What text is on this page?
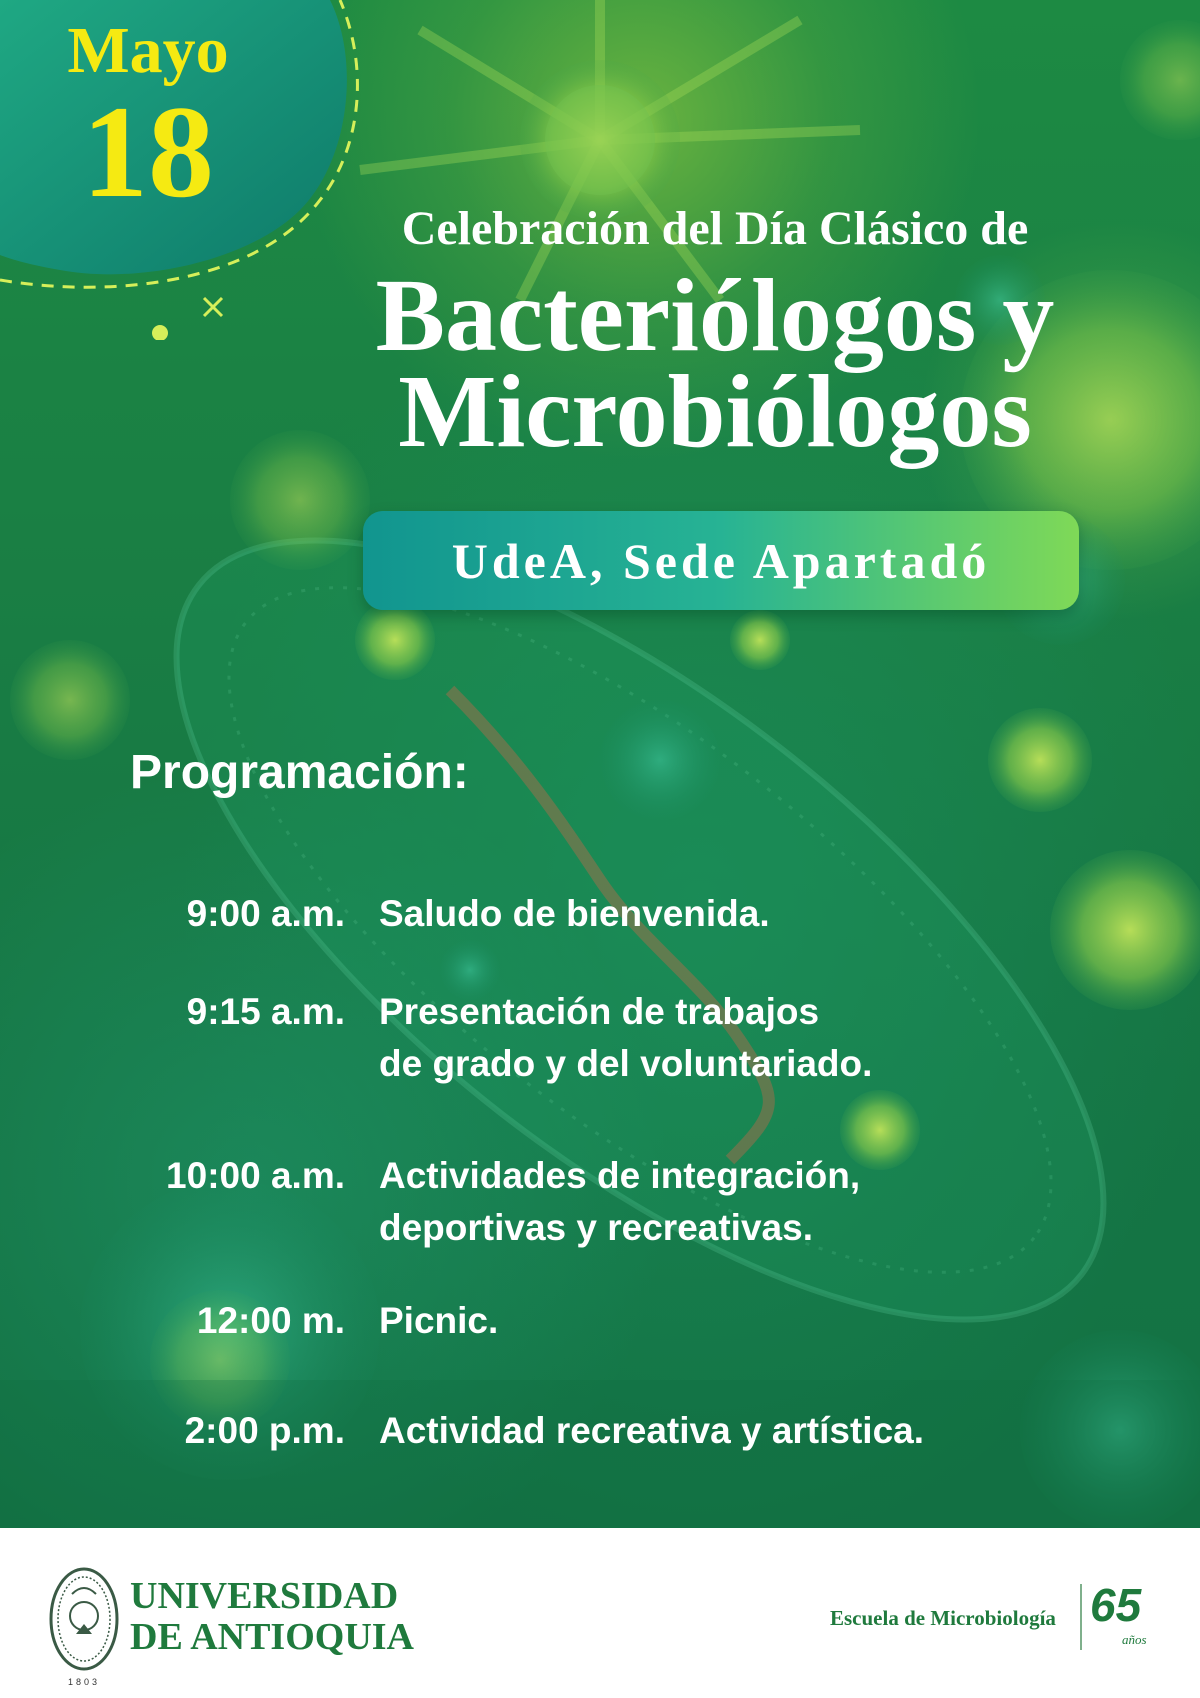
Mayo
18
Celebración del Día Clásico de
Bacteriólogos y
Microbiólogos
UdeA, Sede Apartadó
Programación:
9:00 a.m. Saludo de bienvenida.
9:15 a.m. Presentación de trabajos
de grado y del voluntariado.
10:00 a.m. Actividades de integración,
deportivas y recreativas.
12:00 m. Picnic.
2:00 p.m. Actividad recreativa y artística.
1803
UNIVERSIDAD
DE ANTIOQUIA	Escuela de Microbiología 65
años
